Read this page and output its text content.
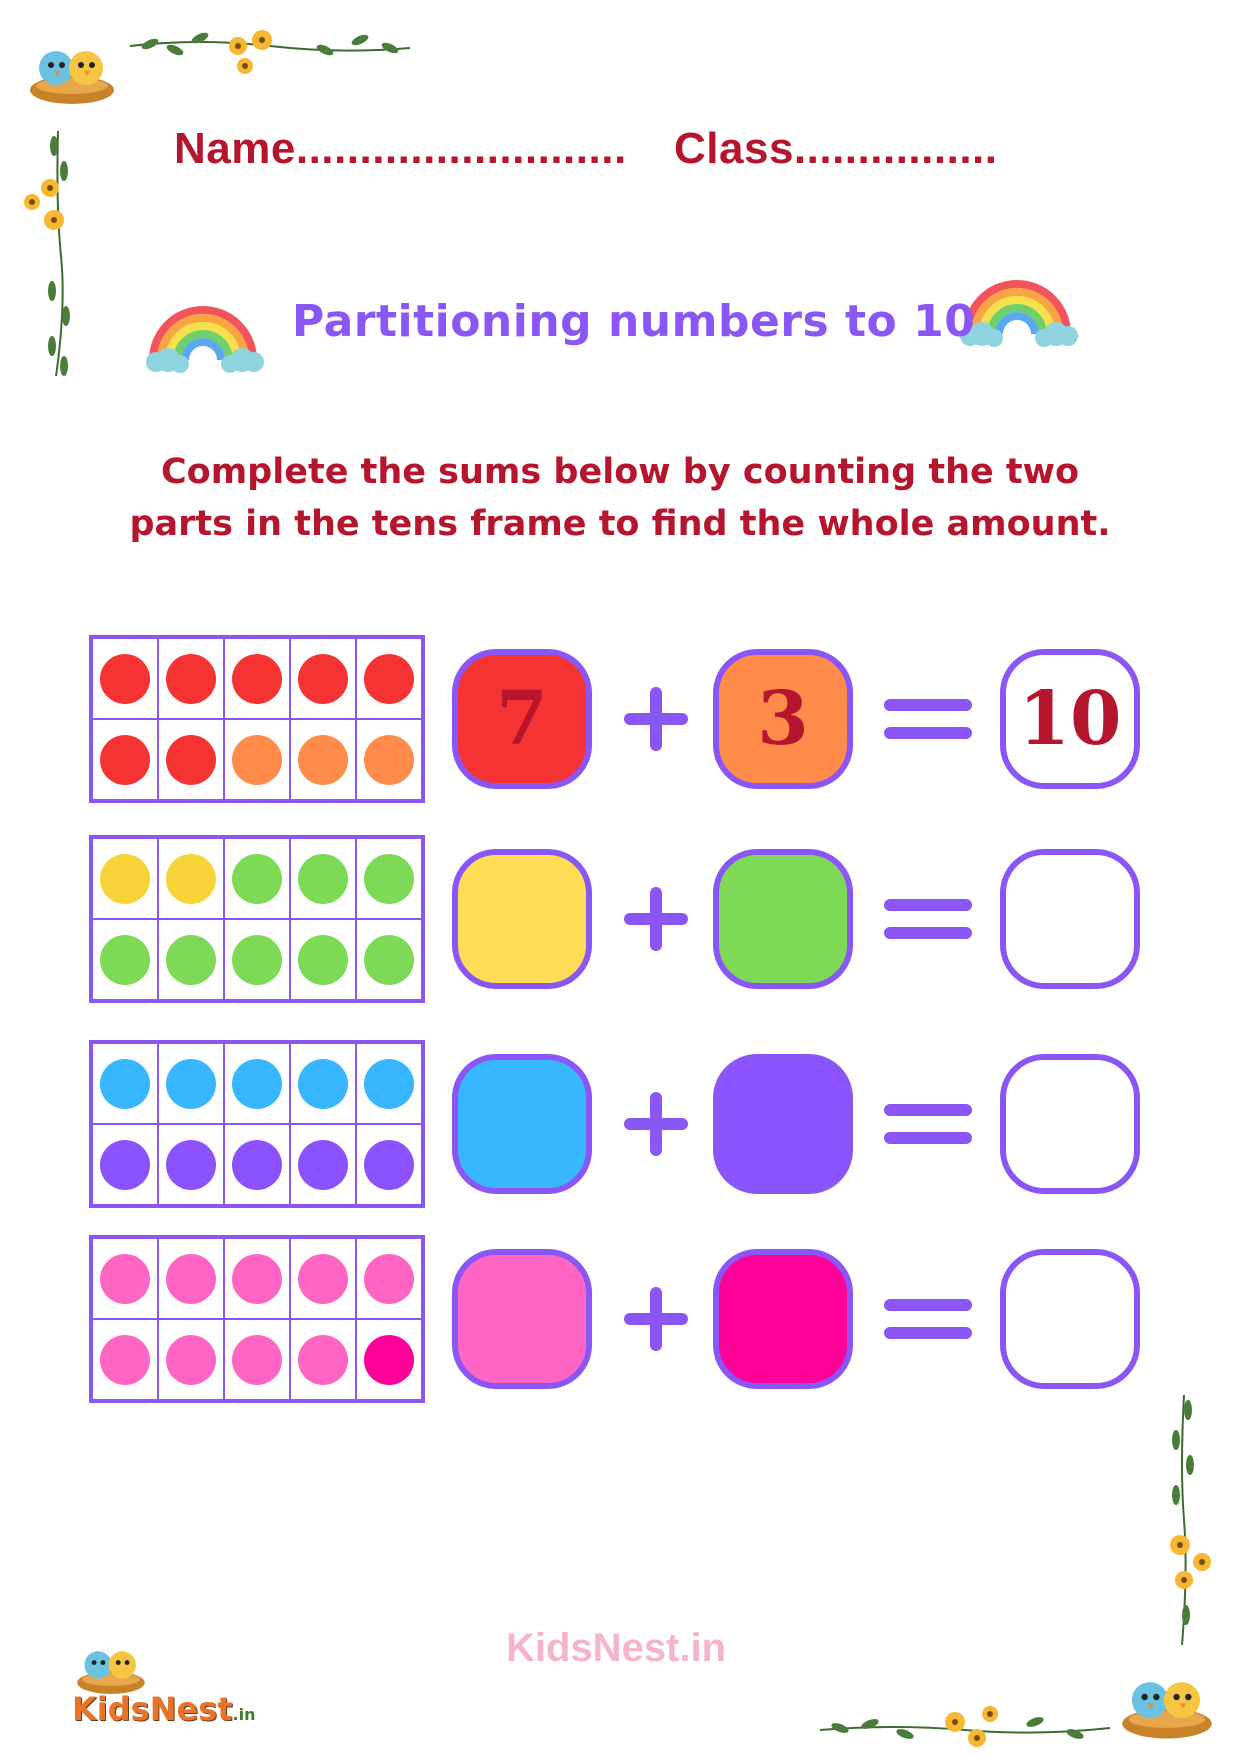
KidsNest.in
Name.......................... Class................
Partitioning numbers to 10
Complete the sums below by counting the two parts in the tens frame to find the whole amount.
7	3	10
KidsNest.in
